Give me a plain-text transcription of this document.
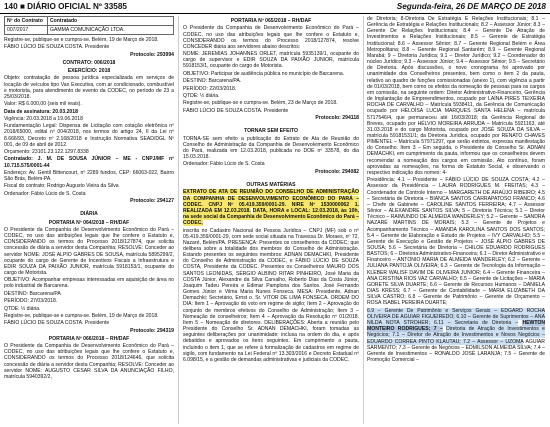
140 ■ DIÁRIO OFICIAL Nº 33585	Segunda-feira, 26 DE MARÇO DE 2018
Nº do Contrato	Contratado
007/2017	GAMMA COMUNICAÇÃO LTDA.

Registre-se, publique-se e cumpra-se. Belém, 19 de Março de 2018.

FÁBIO LÚCIO DE SOUZA COSTA. Presidente

Protocolo: 293994

CONTRATO: 006/2018

EXERCÍCIO: 2018

Objeto: contratação de pessoa jurídica especializada em serviços de locação de veículos tipo Van Executiva, com ar condicionado, combustível e motorista, para atendimento de evento da CODEC, no período de 23 a 25/03/2018.

Valor: R$ 6.000,00 (seis mil reais).

Data de assinatura: 20.03.2018

Vigência: 20.03.2018 a 19.06.2018

Fundamentação Legal: Dispensa de Licitação com cotação eletrônica nº 2018/65000, edital nº 004/2018, nos termos do artigo 24, II da Lei nº 8.666/93, Decreto nº 2.168/2018 e Instrução Normativa SEAD/DGL Nº 001, de 09 de abril de 2012.

Orçamento: 23101.23.122.1297.8338

Contratado: J. M. DE SOUSA JÚNIOR – ME - CNPJ/MF nº 10.715.575/0001-44

Endereço: Av. Gentil Bittencourt, nº 2289 fundos, CEP: 66063-022, Bairro São Brás, Belém-PA.

Fiscal do contrato: Rodrigo Augusto Vieira da Silva

Ordenador: Fábio Lúcio de S. Costa

Protocolo: 294127

DIÁRIA

PORTARIA Nº 064/2018 – RH/DAF

O Presidente da Companhia de Desenvolvimento Econômico do Pará – CODEC, no uso das atribuições legais que lhe confere o Estatuto e, CONSIDERANDO os termos do Processo 2018/127874, que solicita concessão de diária a servidor desta Companhia; RESOLVE: Conceder ao servidor NOME: JOSÉ ALPIO GABRES DE SOUSA, matrícula 5895299/2, ocupante do cargo de Gerente de Incentivos Fiscais a Infraestrutura e EDIR SOUZA DA PAIXÃO JUNIOR, matrícula 5918153/1, ocupante do cargo de Motorista.

OBJETIVO: Acompanhar empresas interessadas em aquisição de área no polo industrial de Barcarena.

DESTINO: Barcarena/PA

PERÍODO: 27/03/2018.

QTDE: ½ diária.

Registre-se, publique-se e cumpra-se. Belém, 19 de Março de 2018.

FÁBIO LÚCIO DE SOUZA COSTA. Presidente

Protocolo: 294319

PORTARIA Nº 066/2018 – RH/DAF

O Presidente da Companhia de Desenvolvimento Econômico do Pará – CODEC, no uso das atribuições legais que lhe confere o Estatuto e, CONSIDERANDO os termos do Processo 2018/124646, que solicita concessão de diária a servidor desta Companhia; RESOLVE: Conceder ao servidor NOME: AUGUSTO CESAR SILVA DA ANUNCIAÇÃO FILHO, matrícula 5940392/2,

PORTARIA Nº 065/2018 – RH/DAF

O Presidente da Companhia de Desenvolvimento Econômico do Pará – CODEC, no uso das atribuições legais que lhe confere o Estatuto e, CONSIDERANDO os termos do Processo 2018/127874, resolve CONCEDER diária aos servidores abaixo descritos:

NOME: JEREMIAS JOHANNES ORLET, matrícula 5935139/1, ocupante do cargo de supervisor e EDIR SOUZA DA PAIXÃO JUNIOR, matrícula 5918153/1, ocupante do cargo de Motorista.

OBJETIVO: Participar de audiência pública no município de Barcarena.

DESTINO: Barcarena/PA.

PERÍODO: 22/03/2018.

QTDE: ½ diária.

Registre-se, publique-se e cumpra-se. Belém, 23 de Março de 2018.

FÁBIO LÚCIO DE SOUZA COSTA. Presidente

Protocolo: 294118

TORNAR SEM EFEITO

TORNA-SE sem efeito a publicação do Extrato de Ata de Reunião do Conselho de Administração da Companhia de Desenvolvimento Econômico do Pará, realizada em 12.03.2018, publicada no DOE nº 33578, do dia 15.03.2018.

Ordenador: Fábio Lúcio de S. Costa

Protocolo: 294082

OUTRAS MATÉRIAS

EXTRATO DE ATA DE REUNIÃO DO CONSELHO DE ADMINISTRAÇÃO DA COMPANHIA DE DESENVOLVIMENTO ECONÔMICO DO PARÁ – CODEC. CNPJ Nº 05.419.359/0001-29. NIRE Nº 1530000062 1. REALIZADA EM 12.03.2018. DATA, HORA e LOCAL: 12.03.2018, às 10h, na sede social da Companhia de Desenvolvimento Econômico do Pará – CODEC,

inscrita no Cadastro Nacional de Pessoa Jurídica – CNPJ (MF) sob o nº 05.419.359/0001-29, com sede social situada na Travessa Dr. Moraes, nº 72, Nazaré, Belém/PA. PRESENÇA: Presentes os conselheiros da CODEC; que delibera sobre a totalidade dos membros do Conselho de Administração. Estando presentes os seguintes membros: ADNAN DEMACHKI, Presidente do Conselho de Administração da CODEC, e FÁBIO LÚCIO DE SOUZA COSTA, Presidente da CODEC. Presentes os Conselheiros MAURO DOS SANTOS LEONIDAS, SÉRGIO ALBINO RITAR PINHEIRO, José Maria da COSTA Júnior, Alexandre da Silva Carvalho, Roberto Dias da Costa Júnior, Joaquim Tadeu Pereira e Edimar Pamplona dos Santos. José Fernando Gomes Júnior e Vilma Maria Nunes Fonseca. MESA: Presidente, Adnan Demachki; Secretário, Ernst o. Sr. VITOR DE LIMA FONSECA. ORDEM DO DIA: Item 1 – Aprovação do voto em regime de sigilo; Item 2 – Aprovação do conjunto de membros efetivos do Conselho de Administração; Item 3 – Nomeação de conselheiros; Item 4 – Aprovação da Resolução nº 01/2018. Item 5 – Nomeação de diretores. DELIBERAÇÕES: Aberta a reunião pelo Presidente do Conselho Sr. ADNAN DEMACHKI, foram tomadas as seguintes deliberações por unanimidade: inclusa na ordem do dia, e após debatidos e aprovados os itens seguintes. Em cumprimento a pauta, incluindo o item 1, que se refere à formalização de cadastros em regime de sigilo, com fundamento na Lei Federal nº 13.303/2016 e Decreto Estadual nº 6.098/15, e a gestão de demandas administrativas e judiciais da CODEC.

de Diretoria; 8-Diretoria De Estratégia E Relações Institucionais; 8.1 – Gerência de Estratégia e Relações Institucionais; 8.2 – Assessor Júnior; 8.3 – Gerente De Relações Institucionais; 8.4 – Gerente De Atração de Investimentos e Relações Institucionais; 8.5 – Gerente de Estratégia Institucional; 8.6 – Assessor Sênior; 8.7 – Gerente Regional Belém e Área Metropolitana; 8.8 – Gerente Regional Santarém; 8.9 – Gerente Regional Marabá; 9 – Diretoria Jurídica; 9.1 – Diretor Jurídico; 9.2 – Coordenador do núcleo Jurídico; 9.3 – Assessor Júnior; 9.4 – Assessor Sênior; 9.5 – Secretário de Diretoria. Após discussões, o novo cronograma foi aprovado por unanimidade dos Conselheiros presentes, bem como o item 2 da pauta, relativo ao quadro de funções comissionadas (anexo 1), com vigência a partir de 01/03/2018, bem como os efeitos da nomeação de pessoas para os cargos em comissão, na seguinte ordem: Diretor Administrativo-Financeiro, Gerência de Implantação de Empreendimentos, ocupado por LAÍNA PIRES TEIXEIRA ROCHA DE CARVALHO – Matrícula 5938411, da Gerência de Comunicação ocupado por HELOÍSA LUCIA MARQUES SANTA HELENA – matrícula 5717546/4, que permaneceu até 16/03/2018; da Gerência Regional de Breves, ocupado por HÉLVIO MOREIRA ARRUDA – Matrícula 5921163, até 31.03.2018 e do cargo Motorista, ocupado por JOSÉ SOUZA DA SILVA – matrícula 59181531/1; da Diretoria Jurídica, ocupado por RENATO CHAVES PIMENTEL – Matrícula 57971297, que serão extintos, expressa manifestação do Conselho. Item 3 – Em seguida, o Presidente do Conselho Sr. ADNAN DEMACHKI, em cumprimento da pauta, informou que os conselheiros devem recomendar a nomeação dos cargos em comissão. Ato contínuo, foram aprovadas as nomeações, na forma do Estatuto Social, e observando o respectivo indicação dos nomes: 4-

Presidência: 4.1 – Presidente – FÁBIO LÚCIO DE SOUZA COSTA; 4.2 – Assessor da Presidência – LAURA RODRIGUES M. FREITAS; 4.3 – Coordenador de Controle Interno – MARGARETH DE ARAÚJO RIBEIRO; 4.5 – Secretária de Diretoria – BIANCA SANTOS CARRAPATOSO FRANCO; 4.6 – Chefe de Gabinete – CAROLINE SANTOS FERREIRA; 4.7 – Assessor Sênior – ALEXANDRE SANTOS SILVA; 5 – Diretoria Técnica; 5.1 – Diretor Técnico – RAIMUNDO DE ALMEIDA WANDERLEY; 5.2 – Gerente – SANDRA NAZARÉ MARTINS DE MORAIS; 5.3 – Gerente de Projetos e Acompanhamento Técnico – AMANDA KAROLINA SANTOS DOS SANTOS; 5.4 – Gerente de Elaboração e Estudo de Projetos – IVY CARVALHO; 5.5 – Gerente de Execução e Gestão de Projetos – JOSÉ ALPIO GABRES DE SOUSA; 5.6 – Secretária de Diretoria – CHILOE EDUARDO RODRIGUES BASTOS; 6 – Diretoria Administrativo-Financeira; 6.1 – Diretor Administrativo e Financeiro – ANTONIO MARIA DE ALMEIDA WANDERLEY; 6.2 – Gerente – JULIANA PANTOJA OLIVEIRA; 6.3 – Gerente de Tecnologia da Informação – KLEBER WALISF DAVIM DE OLIVEIRA JUNIOR; 6.4 – Gerente Financeira – ANA CRISTINA RIOS VAZ CARVALHO; 6.5 – Gerente de Licitações – MARIA GORETE SILVA DUARTE; 6.6 – Gerente de Recursos Humanos – DANIELA DIAS KRESS; 6.7 – Gerente de Contabilidade – MARIA ELIZABETH DA SILVA CASTRO; 6.8 – Gerente de Patrimônio – Gerente de Orçamento – ROSA ISABEL PEREIRA DUARTE;

6.9 – Gerente De Patrimônio e Serviços Gerais – EDGARD ROCHA OLIVEIRA DE AGUIAR FIGUEIREDO; 6.10 – Gerente de Suprimentos – ANA NILDA NOTA STROHER; 6.11 – Secretaria de Diretoria – HEWTON MONTEIRO RODRIGUES; 7 – Diretoria de Atração de Investimentos e Negócios; 7.1 – Diretor de Atração de Investimentos e Novos Negócios – EDUARDO CORREA PINTO KLAUTAU; 7.2 – Assessor – UZOMA AGUIAR SARMENTO; 7.3 – Gerente de Negócios – EDMILSON ALMEIDA SILVA; 7.4 – Gerente de Investimentos – RONALDO JOSÉ LARANJA; 7.5 – Gerente de Promoção Comercial –
